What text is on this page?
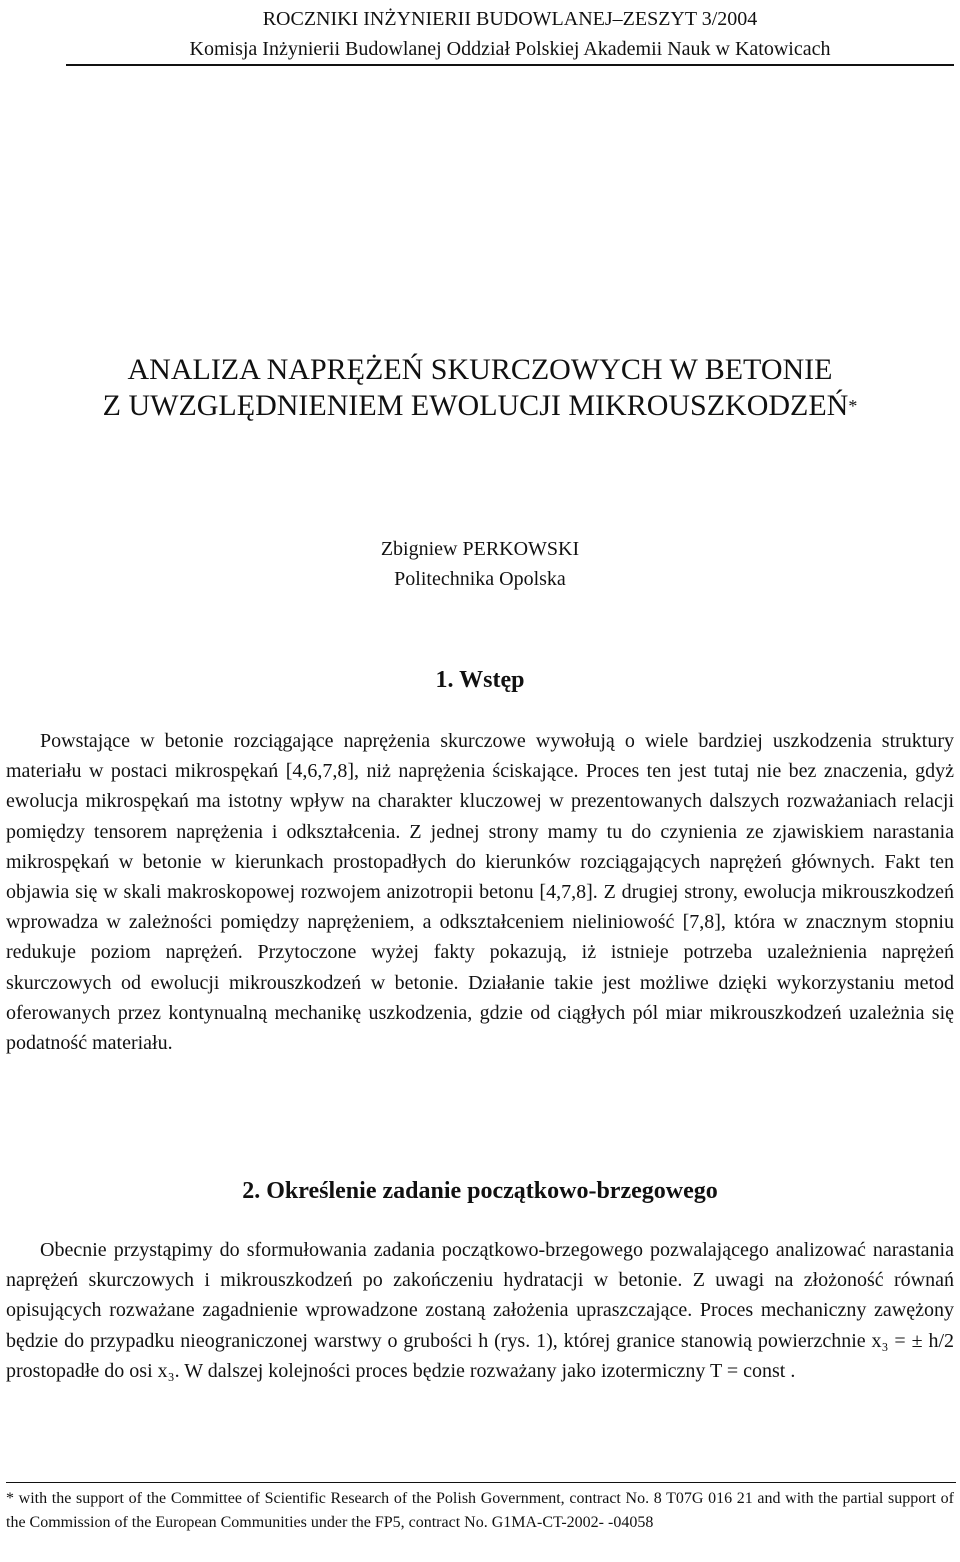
ROCZNIKI INŻYNIERII BUDOWLANEJ–ZESZYT 3/2004
Komisja Inżynierii Budowlanej Oddział Polskiej Akademii Nauk w Katowicach
ANALIZA NAPRĘŻEŃ SKURCZOWYCH W BETONIE
Z UWZGLĘDNIENIEM EWOLUCJI MIKROUSZKODZEŃ*
Zbigniew PERKOWSKI
Politechnika Opolska
1. Wstęp
Powstające w betonie rozciągające naprężenia skurczowe wywołują o wiele bardziej uszkodzenia struktury materiału w postaci mikrospękań [4,6,7,8], niż naprężenia ściskające. Proces ten jest tutaj nie bez znaczenia, gdyż ewolucja mikrospękań ma istotny wpływ na charakter kluczowej w prezentowanych dalszych rozważaniach relacji pomiędzy tensorem naprężenia i odkształcenia. Z jednej strony mamy tu do czynienia ze zjawiskiem narastania mikrospękań w betonie w kierunkach prostopadłych do kierunków rozciągających naprężeń głównych. Fakt ten objawia się w skali makroskopowej rozwojem anizotropii betonu [4,7,8]. Z drugiej strony, ewolucja mikrouszkodzeń wprowadza w zależności pomiędzy naprężeniem, a odkształceniem nieliniowość [7,8], która w znacznym stopniu redukuje poziom naprężeń. Przytoczone wyżej fakty pokazują, iż istnieje potrzeba uzależnienia naprężeń skurczowych od ewolucji mikrouszkodzeń w betonie. Działanie takie jest możliwe dzięki wykorzystaniu metod oferowanych przez kontynualną mechanikę uszkodzenia, gdzie od ciągłych pól miar mikrouszkodzeń uzależnia się podatność materiału.
2. Określenie zadanie początkowo-brzegowego
Obecnie przystąpimy do sformułowania zadania początkowo-brzegowego pozwalającego analizować narastania naprężeń skurczowych i mikrouszkodzeń po zakończeniu hydratacji w betonie. Z uwagi na złożoność równań opisujących rozważane zagadnienie wprowadzone zostaną założenia upraszczające. Proces mechaniczny zawężony będzie do przypadku nieograniczonej warstwy o grubości h (rys. 1), której granice stanowią powierzchnie x₃ = ± h/2 prostopadłe do osi x₃. W dalszej kolejności proces będzie rozważany jako izotermiczny T = const .
* with the support of the Committee of Scientific Research of the Polish Government, contract No. 8 T07G 016 21 and with the partial support of the Commission of the European Communities under the FP5, contract No. G1MA-CT-2002- -04058
